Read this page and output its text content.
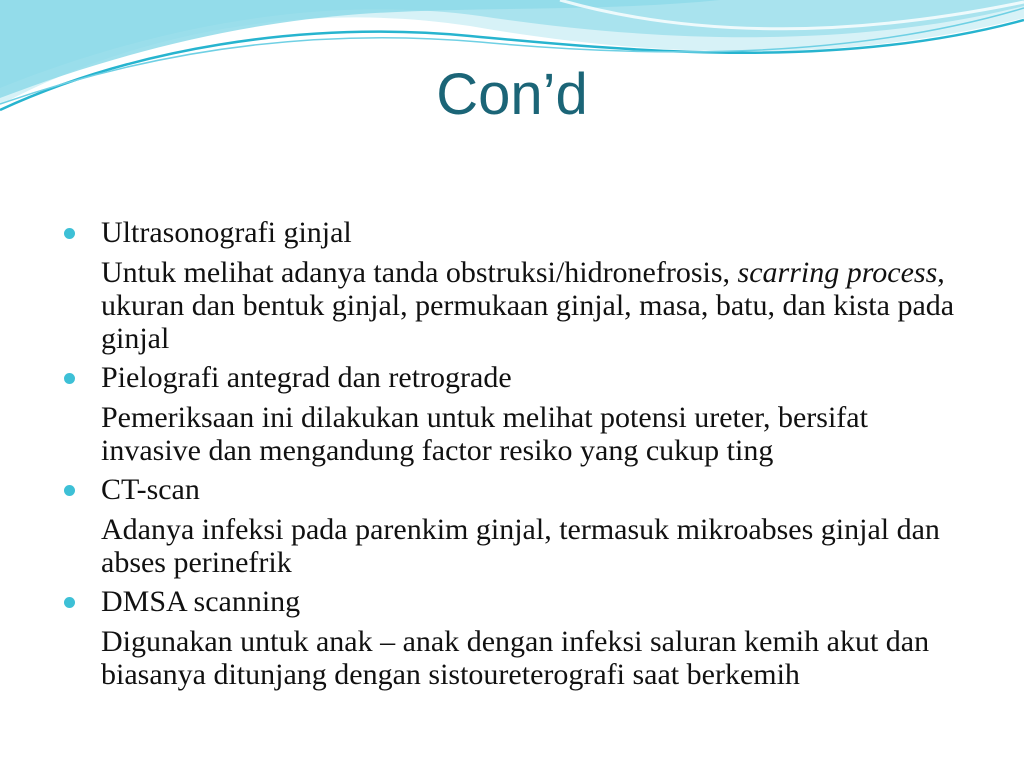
Con’d
Ultrasonografi ginjal
Untuk melihat adanya tanda obstruksi/hidronefrosis, scarring process, ukuran dan bentuk ginjal, permukaan ginjal, masa, batu, dan kista pada ginjal
Pielografi antegrad dan retrograde
Pemeriksaan ini dilakukan untuk melihat potensi ureter, bersifat invasive dan mengandung factor resiko yang cukup ting
CT-scan
Adanya infeksi pada parenkim ginjal, termasuk mikroabses ginjal dan abses perinefrik
DMSA scanning
Digunakan untuk anak – anak dengan infeksi saluran kemih akut dan biasanya ditunjang dengan sistoureterografi saat berkemih
